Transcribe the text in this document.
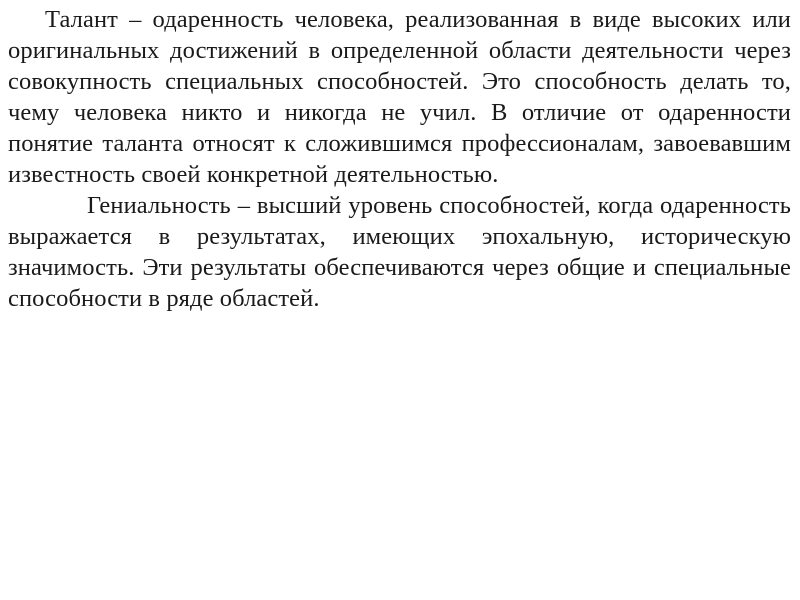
Талант – одаренность человека, реализованная в виде высоких или оригинальных достижений в определенной области деятельности через совокупность специальных способностей. Это способность делать то, чему человека никто и никогда не учил. В отличие от одаренности понятие таланта относят к сложившимся профессионалам, завоевавшим известность своей конкретной деятельностью.

Гениальность – высший уровень способностей, когда одаренность выражается в результатах, имеющих эпохальную, историческую значимость. Эти результаты обеспечиваются через общие и специальные способности в ряде областей.
